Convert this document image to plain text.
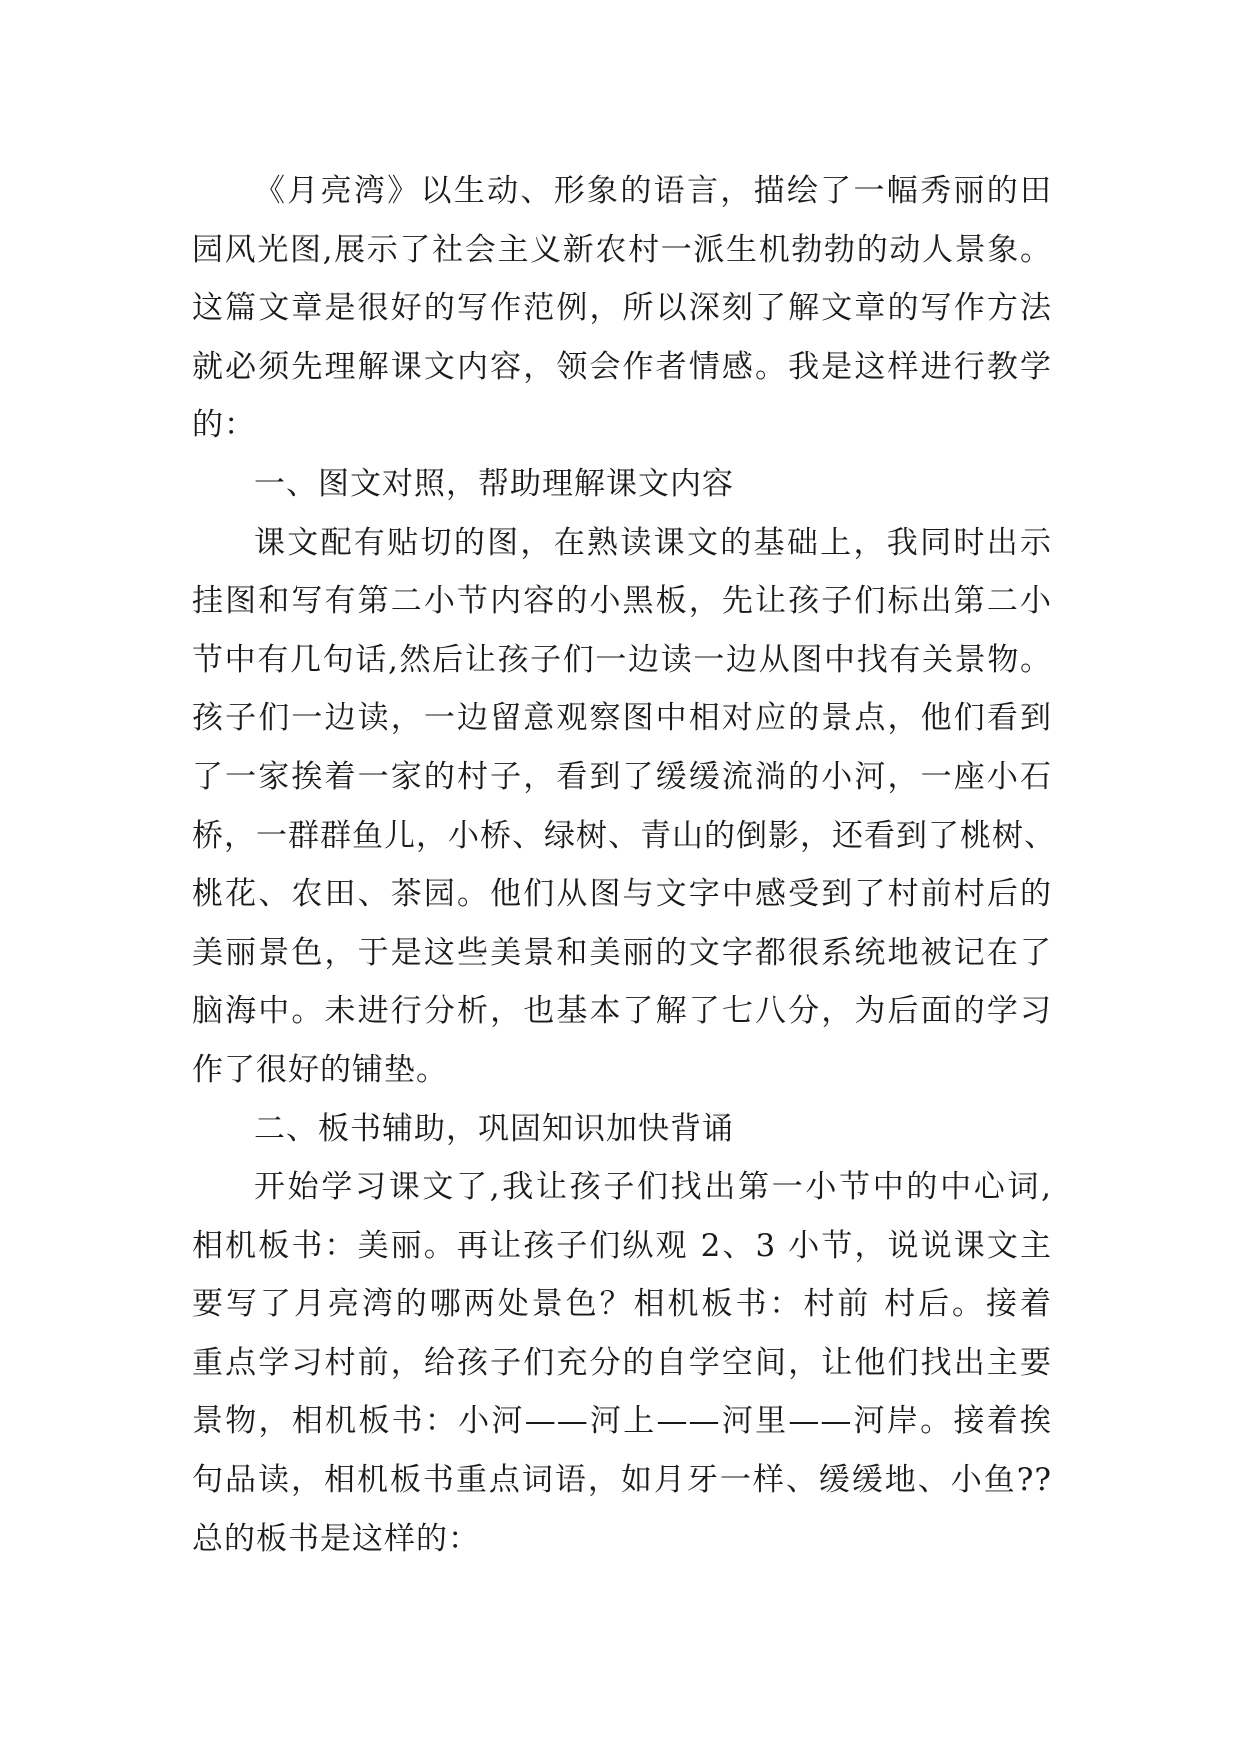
《月亮湾》以生动、形象的语言，描绘了一幅秀丽的田
园风光图,展示了社会主义新农村一派生机勃勃的动人景象。
这篇文章是很好的写作范例，所以深刻了解文章的写作方法
就必须先理解课文内容，领会作者情感。我是这样进行教学
的：
一、图文对照，帮助理解课文内容
课文配有贴切的图，在熟读课文的基础上，我同时出示
挂图和写有第二小节内容的小黑板，先让孩子们标出第二小
节中有几句话,然后让孩子们一边读一边从图中找有关景物。
孩子们一边读，一边留意观察图中相对应的景点，他们看到
了一家挨着一家的村子，看到了缓缓流淌的小河，一座小石
桥，一群群鱼儿，小桥、绿树、青山的倒影，还看到了桃树、
桃花、农田、茶园。他们从图与文字中感受到了村前村后的
美丽景色，于是这些美景和美丽的文字都很系统地被记在了
脑海中。未进行分析，也基本了解了七八分，为后面的学习
作了很好的铺垫。
二、板书辅助，巩固知识加快背诵
开始学习课文了,我让孩子们找出第一小节中的中心词,
相机板书：美丽。再让孩子们纵观 2、3 小节，说说课文主
要写了月亮湾的哪两处景色？相机板书：村前 村后。接着
重点学习村前，给孩子们充分的自学空间，让他们找出主要
景物，相机板书：小河——河上——河里——河岸。接着挨
句品读，相机板书重点词语，如月牙一样、缓缓地、小鱼??
总的板书是这样的：
